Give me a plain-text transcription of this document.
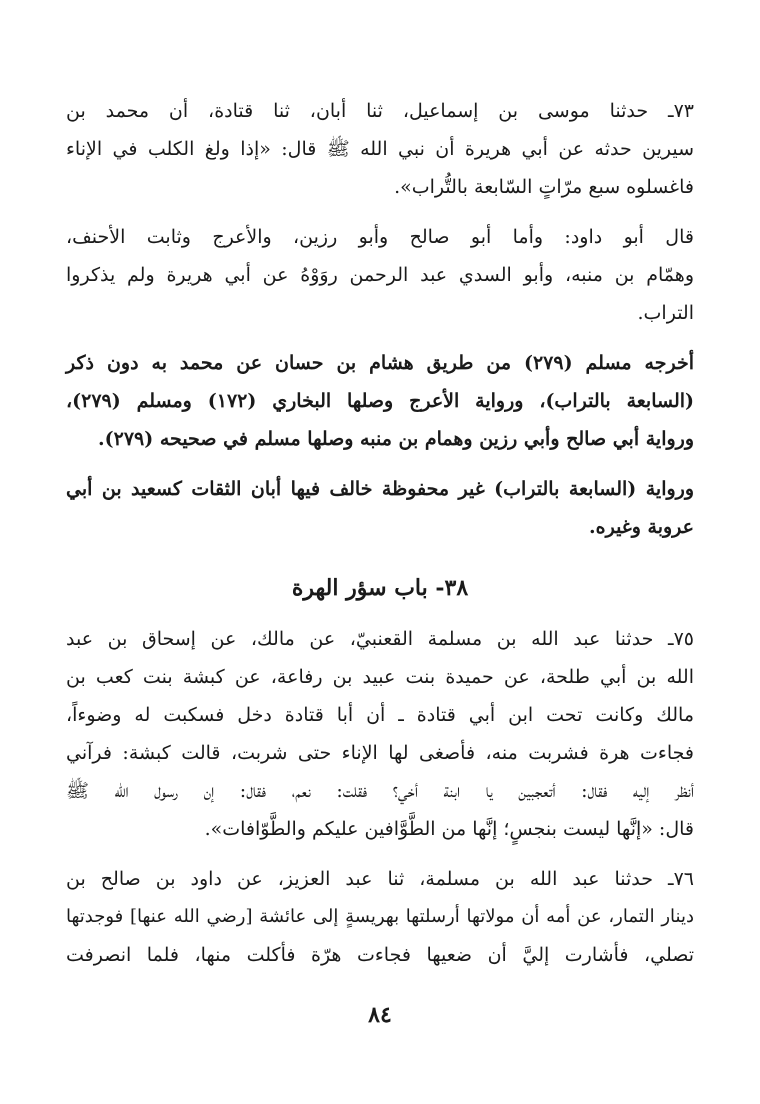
٧٣ـ حدثنا موسى بن إسماعيل، ثنا أبان، ثنا قتادة، أن محمد بن
سيرين حدثه عن أبي هريرة أن نبي الله ﷺ قال: «إذا ولغ الكلب في الإناء
فاغسلوه سبع مرّاتٍ السّابعة بالتُّراب».
قال أبو داود: وأما أبو صالح وأبو رزين، والأعرج وثابت الأحنف،
وهمّام بن منبه، وأبو السدي عبد الرحمن روَوْهُ عن أبي هريرة ولم يذكروا
التراب.
أخرجه مسلم (٢٧٩) من طريق هشام بن حسان عن محمد به دون ذكر
(السابعة بالتراب)، ورواية الأعرج وصلها البخاري (١٧٢) ومسلم (٢٧٩)،
ورواية أبي صالح وأبي رزين وهمام بن منبه وصلها مسلم في صحيحه (٢٧٩).
ورواية (السابعة بالتراب) غير محفوظة خالف فيها أبان الثقات كسعيد بن أبي
عروبة وغيره.
٣٨- باب سؤر الهرة
٧٥ـ حدثنا عبد الله بن مسلمة القعنبيّ، عن مالك، عن إسحاق بن عبد
الله بن أبي طلحة، عن حميدة بنت عبيد بن رفاعة، عن كبشة بنت كعب بن
مالك وكانت تحت ابن أبي قتادة ـ أن أبا قتادة دخل فسكبت له وضوءاً،
فجاءت هرة فشربت منه، فأصغى لها الإناء حتى شربت، قالت كبشة: فرآني
أنظر إليه فقال: أتعجبين يا ابنة أخي؟ فقلت: نعم، فقال: إن رسول الله ﷺ
قال: «إنَّها ليست بنجسٍ؛ إنَّها من الطَّوَّافين عليكم والطَّوّافات».
٧٦ـ حدثنا عبد الله بن مسلمة، ثنا عبد العزيز، عن داود بن صالح بن
دينار التمار، عن أمه أن مولاتها أرسلتها بهريسةٍ إلى عائشة [رضي الله عنها] فوجدتها
تصلي، فأشارت إليَّ أن ضعيها فجاءت هرّة فأكلت منها، فلما انصرفت
٨٤
